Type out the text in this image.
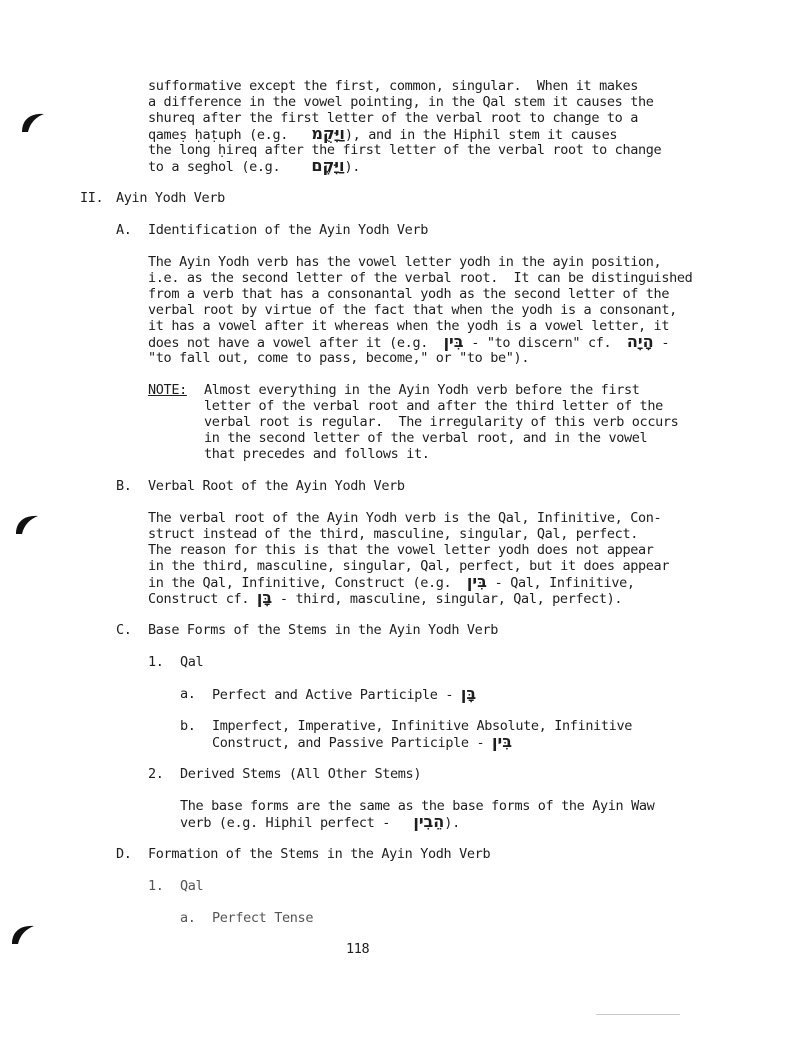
sufformative except the first, common, singular.  When it makes
a difference in the vowel pointing, in the Qal stem it causes the
shureq after the first letter of the verbal root to change to a
qameṣ ḥaṭuph (e.g. וַיָּקֻמ), and in the Hiphil stem it causes
the long ḥireq after the first letter of the verbal root to change
to a seghol (e.g. וַיָּקֶם).
II. Ayin Yodh Verb
A. Identification of the Ayin Yodh Verb
The Ayin Yodh verb has the vowel letter yodh in the ayin position,
i.e. as the second letter of the verbal root.  It can be distinguished
from a verb that has a consonantal yodh as the second letter of the
verbal root by virtue of the fact that when the yodh is a consonant,
it has a vowel after it whereas when the yodh is a vowel letter, it
does not have a vowel after it (e.g. בִּין - "to discern" cf. הָיָה -
"to fall out, come to pass, become," or "to be").
NOTE: Almost everything in the Ayin Yodh verb before the first
letter of the verbal root and after the third letter of the
verbal root is regular.  The irregularity of this verb occurs
in the second letter of the verbal root, and in the vowel
that precedes and follows it.
B. Verbal Root of the Ayin Yodh Verb
The verbal root of the Ayin Yodh verb is the Qal, Infinitive, Con-
struct instead of the third, masculine, singular, Qal, perfect.
The reason for this is that the vowel letter yodh does not appear
in the third, masculine, singular, Qal, perfect, but it does appear
in the Qal, Infinitive, Construct (e.g. בִּין - Qal, Infinitive,
Construct cf. בָּן - third, masculine, singular, Qal, perfect).
C. Base Forms of the Stems in the Ayin Yodh Verb
1. Qal
a. Perfect and Active Participle - בָּן
b. Imperfect, Imperative, Infinitive Absolute, Infinitive
Construct, and Passive Participle - בִּין
2. Derived Stems (All Other Stems)
The base forms are the same as the base forms of the Ayin Waw
verb (e.g. Hiphil perfect -   הֵבִין).
D. Formation of the Stems in the Ayin Yodh Verb
1. Qal
a. Perfect Tense
118
